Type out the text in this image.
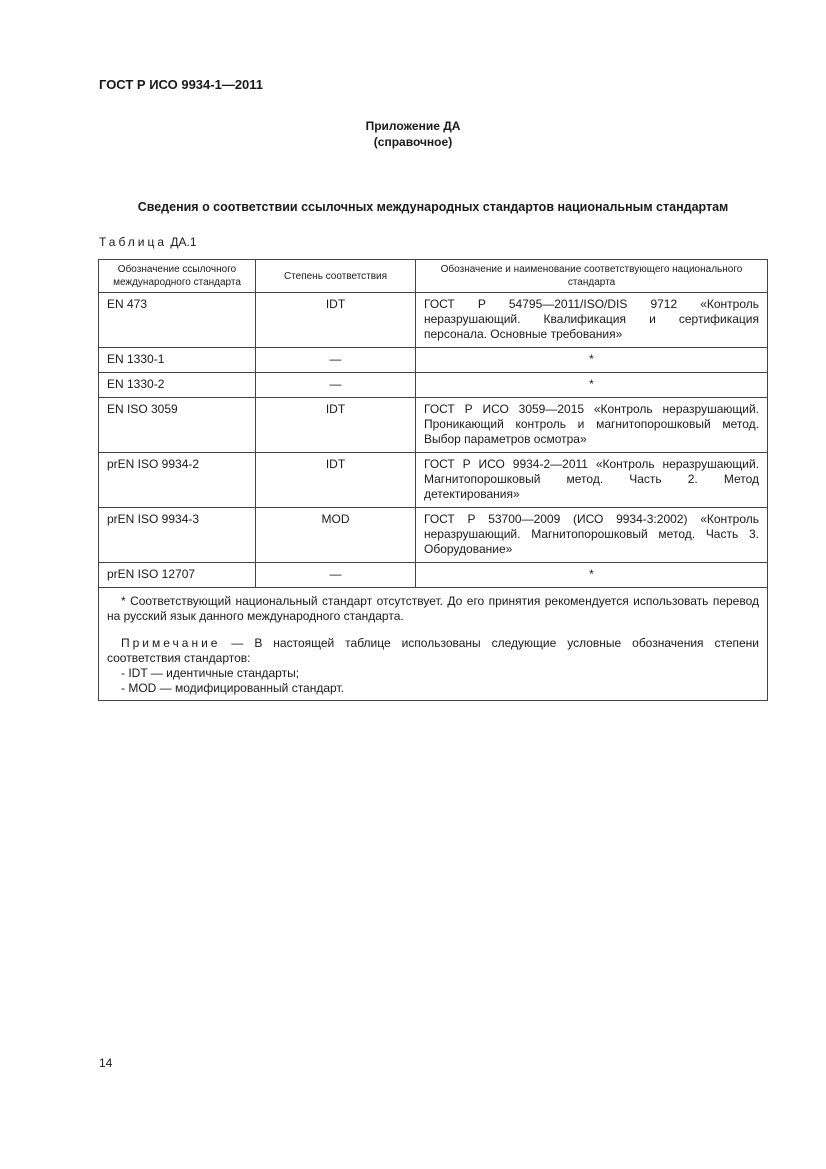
ГОСТ Р ИСО 9934-1—2011
Приложение ДА
(справочное)
Сведения о соответствии ссылочных международных стандартов национальным стандартам
Таблица ДА.1
Обозначение ссылочного международного стандарта	Степень соответствия	Обозначение и наименование соответствующего национального стандарта
EN 473	IDT	ГОСТ Р 54795—2011/ISO/DIS 9712 «Контроль неразрушающий. Квалификация и сертификация персонала. Основные требования»
EN 1330-1	—	*
EN 1330-2	—	*
EN ISO 3059	IDT	ГОСТ Р ИСО 3059—2015 «Контроль неразрушающий. Проникающий контроль и магнитопорошковый метод. Выбор параметров осмотра»
prEN ISO 9934-2	IDT	ГОСТ Р ИСО 9934-2—2011 «Контроль неразрушающий. Магнитопорошковый метод. Часть 2. Метод детектирования»
prEN ISO 9934-3	MOD	ГОСТ Р 53700—2009 (ИСО 9934-3:2002) «Контроль неразрушающий. Магнитопорошковый метод. Часть 3. Оборудование»
prEN ISO 12707	—	*

* Соответствующий национальный стандарт отсутствует. До его принятия рекомендуется использовать перевод на русский язык данного международного стандарта.

Примечание — В настоящей таблице использованы следующие условные обозначения степени соответствия стандартов:

- IDT — идентичные стандарты;

- MOD — модифицированный стандарт.		

14
